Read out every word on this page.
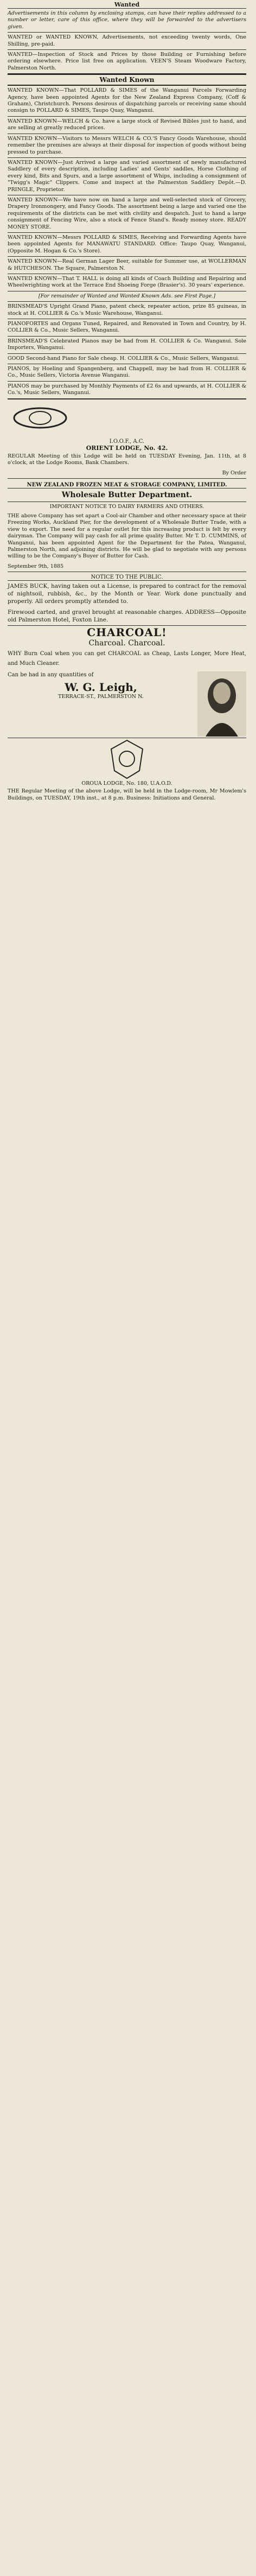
Wanted
Advertisements in this column by enclosing stamps, can have their replies addressed to a number or letter, care of this office, where they will be forwarded to the advertisers given.
WANTED or WANTED KNOWN, Advertisements, not exceeding twenty words, One Shilling, pre-paid.
WANTED—Inspection of Stock and Prices by those Building or Furnishing before ordering elsewhere. Price list free on application. VEEN'S Steam Woodware Factory, Palmerston North.
Wanted Known
WANTED KNOWN—That POLLARD & SIMES of the Wanganui Parcels Forwarding Agency, have been appointed Agents for the New Zealand Express Company, (Coff & Graham), Christchurch. Persons desirous of dispatching parcels or receiving same should consign to POLLARD & SIMES, Taupo Quay, Wanganui.
WANTED KNOWN—WELCH & Co. have a large stock of Revised Bibles just to hand, and are selling at greatly reduced prices.
WANTED KNOWN—Visitors to Messrs WELCH & CO.'S Fancy Goods Warehouse, should remember the premises are always at their disposal for inspection of goods without being pressed to purchase.
WANTED KNOWN—Just Arrived a large and varied assortment of newly manufactured Saddlery of every description, including Ladies' and Gents' saddles, Horse Clothing of every kind, Bits and Spurs, and a large assortment of Whips, including a consignment of "Twigg's Magic" Clippers. Come and inspect at the Palmerston Saddlery Depôt.—D. PRINGLE, Proprietor.
WANTED KNOWN—We have now on hand a large and well-selected stock of Grocery, Drapery Ironmongery, and Fancy Goods. The assortment being a large and varied one the requirements of the districts can be met with civility and despatch. Just to hand a large consignment of Fencing Wire, also a stock of Fence Stand's. Ready money store. READY MONEY STORE.
WANTED KNOWN—Messrs POLLARD & SIMES, Receiving and Forwarding Agents have been appointed Agents for MANAWATU STANDARD. Office: Taupo Quay, Wanganui, (Opposite M. Hogan & Co.'s Store).
WANTED KNOWN—Real German Lager Beer, suitable for Summer use, at WOLLERMAN & HUTCHESON. The Square, Palmerston N.
WANTED KNOWN—That T. HALL is doing all kinds of Coach Building and Repairing and Wheelwrighting work at the Terrace End Shoeing Forge (Brasier's). 30 years' experience.
[For remainder of Wanted and Wanted Known Ads. see First Page.]
BRINSMEAD'S Upright Grand Piano, patent check, repeater action, prize 85 guineas, in stock at H. COLLIER & Co.'s Music Warehouse, Wanganui.
PIANOFORTES and Organs Tuned, Repaired, and Renovated in Town and Country, by H. COLLIER & Co., Music Sellers, Wanganui.
BRINSMEAD'S Celebrated Pianos may be had from H. COLLIER & Co. Wanganui. Sole Importers, Wanganui.
GOOD Second-hand Piano for Sale cheap. H. COLLIER & Co., Music Sellers, Wanganui.
PIANOS, by Hoeling and Spangenberg, and Chappell, may be had from H. COLLIER & Co., Music Sellers, Victoria Avenue Wanganui.
PIANOS may be purchased by Monthly Payments of £2 6s and upwards, at H. COLLIER & Co.'s, Music Sellers, Wanganui.
I.O.O.F., A.C.
ORIENT LODGE, No. 42.
REGULAR Meeting of this Lodge will be held on TUESDAY Evening, Jan. 11th, at 8 o'clock, at the Lodge Rooms, Bank Chambers.
By Order
NEW ZEALAND FROZEN MEAT & STORAGE COMPANY, LIMITED.
Wholesale Butter Department.
IMPORTANT NOTICE TO DAIRY FARMERS AND OTHERS.
THE above Company has set apart a Cool-air Chamber and other necessary space at their Freezing Works, Auckland Pier, for the development of a Wholesale Butter Trade, with a view to export. The need for a regular outlet for this increasing product is felt by every dairyman. The Company will pay cash for all prime quality Butter. Mr T. D. CUMMINS, of Wanganui, has been appointed Agent for the Department for the Patea, Wanganui, Palmerston North, and adjoining districts. He will be glad to negotiate with any persons willing to be the Company's Buyer of Butter for Cash.
September 9th, 1885
NOTICE TO THE PUBLIC.
JAMES BUCK, having taken out a License, is prepared to contract for the removal of nightsoil, rubbish, &c., by the Month or Year. Work done punctually and properly. All orders promptly attended to.
Firewood carted, and gravel brought at reasonable charges. ADDRESS—Opposite old Palmerston Hotel, Foxton Line.
CHARCOAL!
Charcoal. Charcoal.
WHY Burn Coal when you can get CHARCOAL as Cheap, Lasts Longer, More Heat, and Much Cleaner.
Can be had in any quantities of
W. G. Leigh,
TERRACE-ST., PALMERSTON N.
OROUA LODGE, No. 180, U.A.O.D.
THE Regular Meeting of the above Lodge, will be held in the Lodge-room, Mr Mowlem's Buildings, on TUESDAY, 19th inst., at 8 p.m. Business: Initiations and General.
